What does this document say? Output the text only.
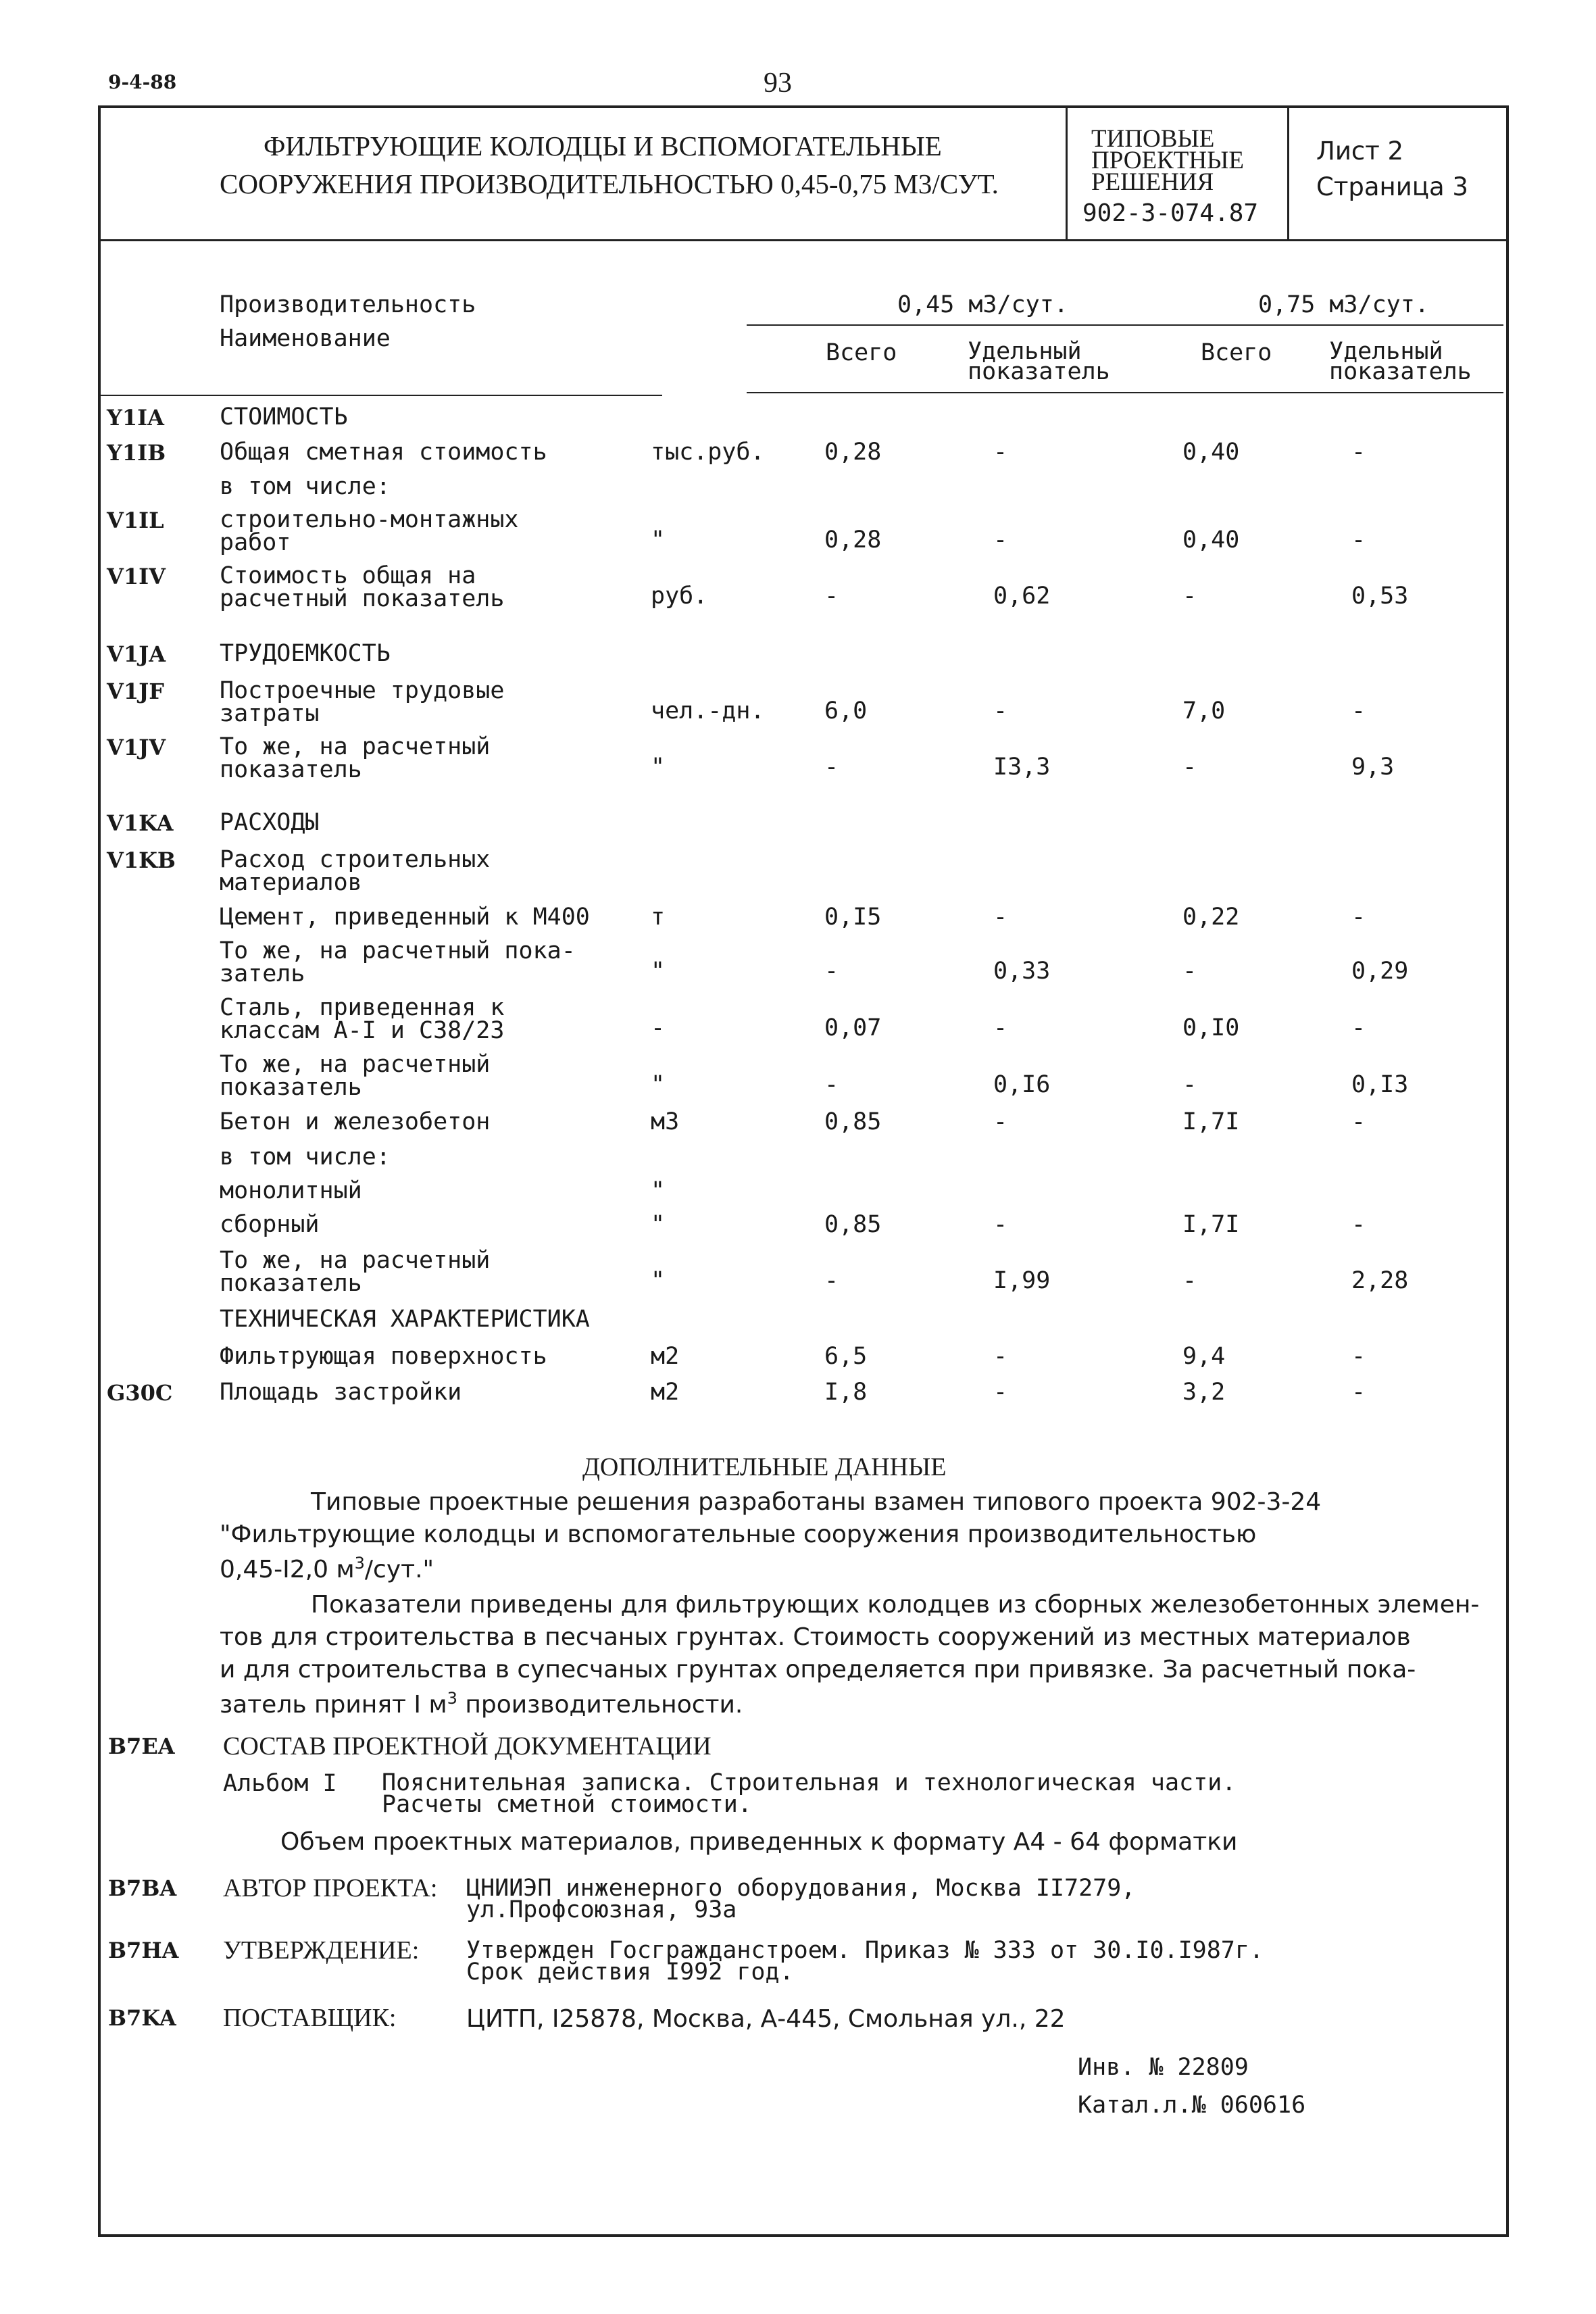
9-4-88	93
ФИЛЬТРУЮЩИЕ КОЛОДЦЫ И ВСПОМОГАТЕЛЬНЫЕ
СООРУЖЕНИЯ ПРОИЗВОДИТЕЛЬНОСТЬЮ 0,45-0,75 М3/СУТ.
ТИПОВЫЕ
ПРОЕКТНЫЕ
РЕШЕНИЯ
902-3-074.87
Лист 2
Страница 3
Производительность
Наименование
0,45 м3/сут.	0,75 м3/сут.
Всего	Удельный
показатель
Всего Удельный
показатель
Y1IA СТОИМОСТЬ
Y1IB Общая сметная стоимость	тыс.руб.	0,28	-	0,40	-
в том числе:
V1IL строительно-монтажных
работ	"	0,28	-	0,40	-
V1IV Стоимость общая на
расчетный показатель	руб.	-	0,62	-	0,53
V1JA ТРУДОЕМКОСТЬ
V1JF Построечные трудовые
затраты	чел.-дн.	6,0	-	7,0	-
V1JV То же, на расчетный
показатель	"	-	I3,3	-	9,3
V1KA РАСХОДЫ
V1KB Расход строительных
материалов
Цемент, приведенный к М400	т	0,I5	-	0,22	-
То же, на расчетный пока-
затель	"	-	0,33	-	0,29
Сталь, приведенная к
классам А-I и С38/23	-	0,07	-	0,I0	-
То же, на расчетный
показатель	"	-	0,I6	-	0,I3
Бетон и железобетон	м3	0,85	-	I,7I	-
в том числе:
монолитный	"
сборный	"	0,85	-	I,7I	-
То же, на расчетный
показатель	"	-	I,99	-	2,28
ТЕХНИЧЕСКАЯ ХАРАКТЕРИСТИКА
Фильтрующая поверхность	м2	6,5	-	9,4	-
G30C Площадь застройки	м2	I,8	-	3,2	-
ДОПОЛНИТЕЛЬНЫЕ ДАННЫЕ
Типовые проектные решения разработаны взамен типового проекта 902-3-24
"Фильтрующие колодцы и вспомогательные сооружения производительностью
0,45-I2,0 $м^3$/сут."
Показатели приведены для фильтрующих колодцев из сборных железобетонных элемен-
тов для строительства в песчаных грунтах. Стоимость сооружений из местных материалов
и для строительства в супесчаных грунтах определяется при привязке. За расчетный пока-
затель принят I $м^3$ производительности.
B7EA СОСТАВ ПРОЕКТНОЙ ДОКУМЕНТАЦИИ
Альбом I Пояснительная записка. Строительная и технологическая части.
Расчеты сметной стоимости.
Объем проектных материалов, приведенных к формату А4 - 64 форматки
B7BA АВТОР ПРОЕКТА: ЦНИИЭП инженерного оборудования, Москва II7279,
ул.Профсоюзная, 93а
B7HA УТВЕРЖДЕНИЕ: Утвержден Госгражданстроем. Приказ № 333 от 30.I0.I987г.
Срок действия I992 год.
B7KA ПОСТАВЩИК:	ЦИТП, I25878, Москва, А-445, Смольная ул., 22
Инв. № 22809
Катал.л.№ 060616
